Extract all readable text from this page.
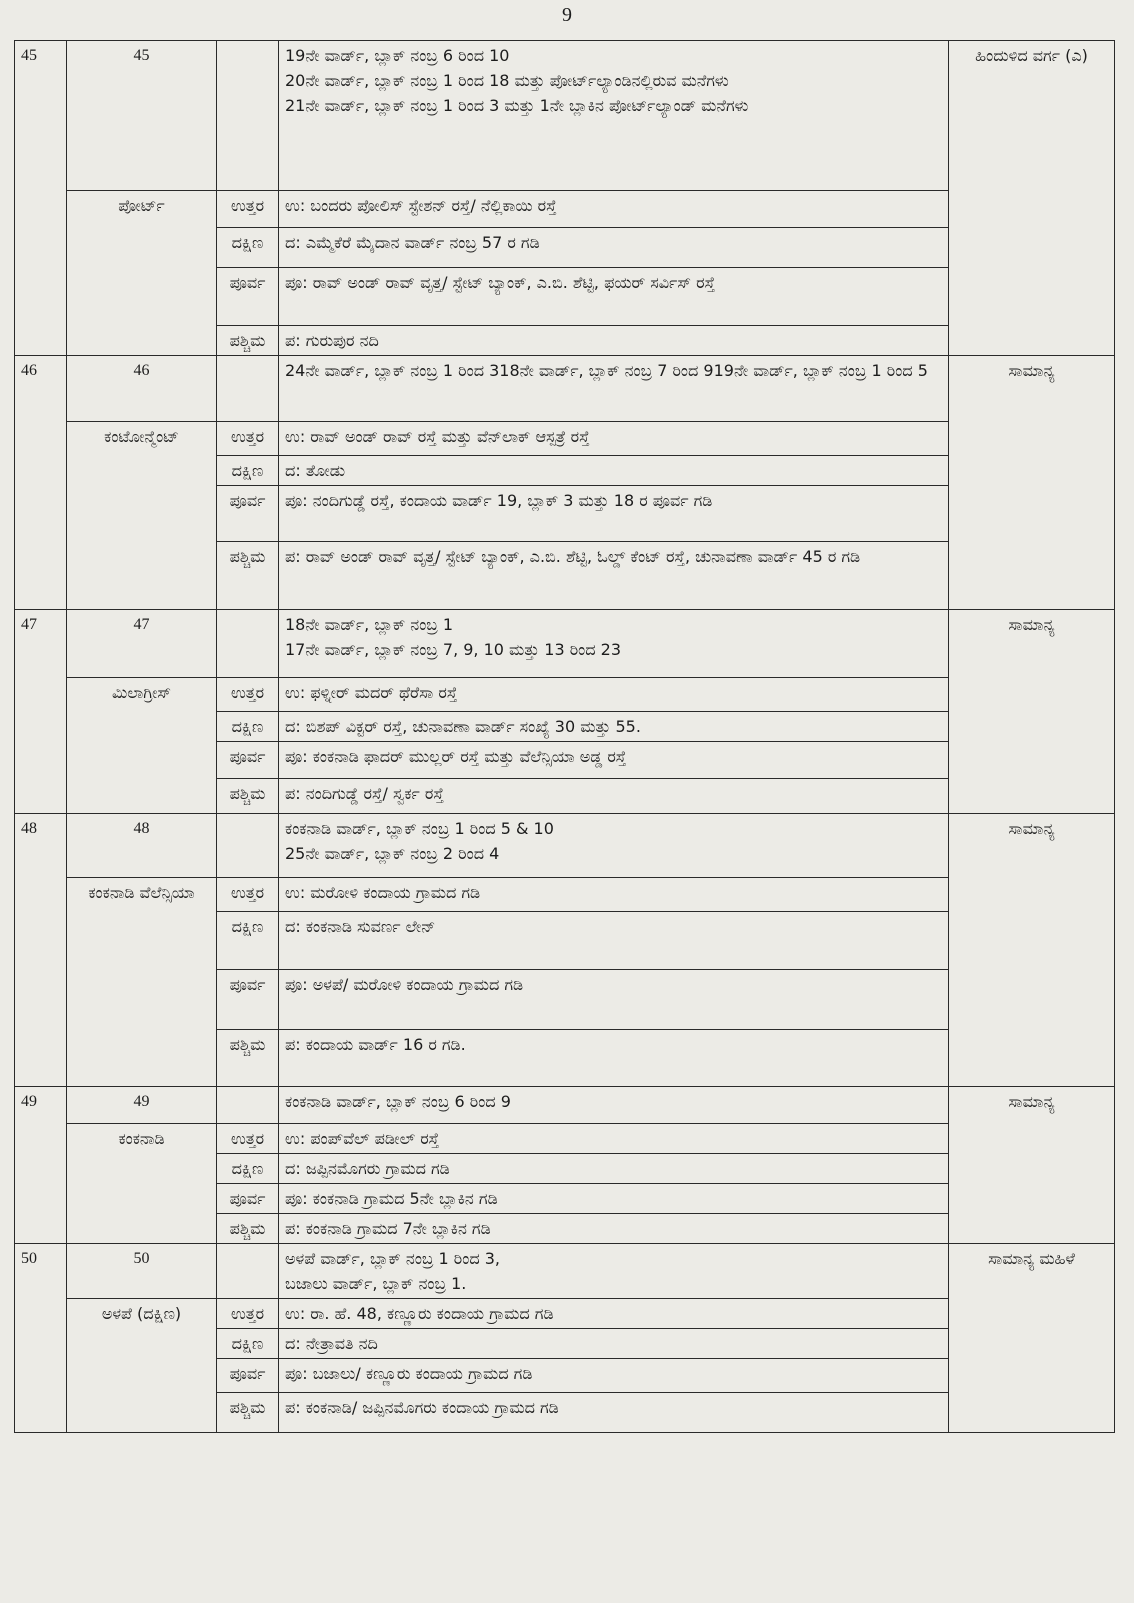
9
45	45		19ನೇ ವಾರ್ಡ್, ಬ್ಲಾಕ್ ನಂಬ್ರ 6 ರಿಂದ 10
20ನೇ ವಾರ್ಡ್, ಬ್ಲಾಕ್ ನಂಬ್ರ 1 ರಿಂದ 18 ಮತ್ತು ಪೋರ್ಟ್‌ಲ್ಯಾಂಡಿನಲ್ಲಿರುವ ಮನೆಗಳು
21ನೇ ವಾರ್ಡ್, ಬ್ಲಾಕ್ ನಂಬ್ರ 1 ರಿಂದ 3 ಮತ್ತು 1ನೇ ಬ್ಲಾಕಿನ ಪೋರ್ಟ್‌ಲ್ಯಾಂಡ್ ಮನೆಗಳು	ಹಿಂದುಳಿದ ವರ್ಗ (ಎ)
	ಪೋರ್ಟ್	ಉತ್ತರ	ಉ: ಬಂದರು ಪೋಲಿಸ್ ಸ್ಟೇಶನ್ ರಸ್ತೆ/ ನೆಲ್ಲಿಕಾಯಿ ರಸ್ತೆ	
		ದಕ್ಷಿಣ	ದ: ಎಮ್ಮೆಕೆರೆ ಮೈದಾನ ವಾರ್ಡ್ ನಂಬ್ರ 57 ರ ಗಡಿ	
		ಪೂರ್ವ	ಪೂ: ರಾವ್ ಅಂಡ್ ರಾವ್ ವೃತ್ತ/ ಸ್ಟೇಟ್ ಬ್ಯಾಂಕ್, ಎ.ಬಿ. ಶೆಟ್ಟಿ, ಫಯರ್ ಸರ್ವಿಸ್ ರಸ್ತೆ	
		ಪಶ್ಚಿಮ	ಪ: ಗುರುಪುರ ನದಿ	
46	46		24ನೇ ವಾರ್ಡ್, ಬ್ಲಾಕ್ ನಂಬ್ರ 1 ರಿಂದ 318ನೇ ವಾರ್ಡ್, ಬ್ಲಾಕ್ ನಂಬ್ರ 7 ರಿಂದ 919ನೇ ವಾರ್ಡ್, ಬ್ಲಾಕ್ ನಂಬ್ರ 1 ರಿಂದ 5	ಸಾಮಾನ್ಯ
	ಕಂಟೋನ್ಮೆಂಟ್	ಉತ್ತರ	ಉ: ರಾವ್ ಅಂಡ್ ರಾವ್ ರಸ್ತೆ ಮತ್ತು ವೆನ್‌ಲಾಕ್ ಆಸ್ಪತ್ರೆ ರಸ್ತೆ	
		ದಕ್ಷಿಣ	ದ: ತೋಡು	
		ಪೂರ್ವ	ಪೂ: ನಂದಿಗುಡ್ಡೆ ರಸ್ತೆ, ಕಂದಾಯ ವಾರ್ಡ್ 19, ಬ್ಲಾಕ್ 3 ಮತ್ತು 18 ರ ಪೂರ್ವ ಗಡಿ	
		ಪಶ್ಚಿಮ	ಪ: ರಾವ್ ಅಂಡ್ ರಾವ್ ವೃತ್ತ/ ಸ್ಟೇಟ್ ಬ್ಯಾಂಕ್, ಎ.ಬಿ. ಶೆಟ್ಟಿ, ಓಲ್ಡ್ ಕೆಂಟ್ ರಸ್ತೆ, ಚುನಾವಣಾ ವಾರ್ಡ್ 45 ರ ಗಡಿ	
47	47		18ನೇ ವಾರ್ಡ್, ಬ್ಲಾಕ್ ನಂಬ್ರ 1
17ನೇ ವಾರ್ಡ್, ಬ್ಲಾಕ್ ನಂಬ್ರ 7, 9, 10 ಮತ್ತು 13 ರಿಂದ 23	ಸಾಮಾನ್ಯ
	ಮಿಲಾಗ್ರೀಸ್	ಉತ್ತರ	ಉ: ಫಳ್ನೀರ್ ಮದರ್ ಥೆರೆಸಾ ರಸ್ತೆ	
		ದಕ್ಷಿಣ	ದ: ಬಿಶಪ್ ವಿಕ್ಟರ್ ರಸ್ತೆ, ಚುನಾವಣಾ ವಾರ್ಡ್ ಸಂಖ್ಯೆ 30 ಮತ್ತು 55.	
		ಪೂರ್ವ	ಪೂ: ಕಂಕನಾಡಿ ಫಾದರ್ ಮುಲ್ಲರ್ ರಸ್ತೆ ಮತ್ತು ವೆಲೆನ್ಸಿಯಾ ಅಡ್ಡ ರಸ್ತೆ	
		ಪಶ್ಚಿಮ	ಪ: ನಂದಿಗುಡ್ಡೆ ರಸ್ತೆ/ ಸ್ವರ್ಕ ರಸ್ತೆ	
48	48		ಕಂಕನಾಡಿ ವಾರ್ಡ್, ಬ್ಲಾಕ್ ನಂಬ್ರ 1 ರಿಂದ 5 & 10
25ನೇ ವಾರ್ಡ್, ಬ್ಲಾಕ್ ನಂಬ್ರ 2 ರಿಂದ 4	ಸಾಮಾನ್ಯ
	ಕಂಕನಾಡಿ ವೆಲೆನ್ಸಿಯಾ	ಉತ್ತರ	ಉ: ಮರೋಳಿ ಕಂದಾಯ ಗ್ರಾಮದ ಗಡಿ	
		ದಕ್ಷಿಣ	ದ: ಕಂಕನಾಡಿ ಸುವರ್ಣ ಲೇನ್	
		ಪೂರ್ವ	ಪೂ: ಅಳಪೆ/ ಮರೋಳಿ ಕಂದಾಯ ಗ್ರಾಮದ ಗಡಿ	
		ಪಶ್ಚಿಮ	ಪ: ಕಂದಾಯ ವಾರ್ಡ್ 16 ರ ಗಡಿ.	
49	49		ಕಂಕನಾಡಿ ವಾರ್ಡ್, ಬ್ಲಾಕ್ ನಂಬ್ರ 6 ರಿಂದ 9	ಸಾಮಾನ್ಯ
	ಕಂಕನಾಡಿ	ಉತ್ತರ	ಉ: ಪಂಪ್‌ವೆಲ್ ಪಡೀಲ್ ರಸ್ತೆ	
		ದಕ್ಷಿಣ	ದ: ಜಪ್ಪಿನಮೊಗರು ಗ್ರಾಮದ ಗಡಿ	
		ಪೂರ್ವ	ಪೂ: ಕಂಕನಾಡಿ ಗ್ರಾಮದ 5ನೇ ಬ್ಲಾಕಿನ ಗಡಿ	
		ಪಶ್ಚಿಮ	ಪ: ಕಂಕನಾಡಿ ಗ್ರಾಮದ 7ನೇ ಬ್ಲಾಕಿನ ಗಡಿ	
50	50		ಅಳಪೆ ವಾರ್ಡ್, ಬ್ಲಾಕ್ ನಂಬ್ರ 1 ರಿಂದ 3,
ಬಜಾಲು ವಾರ್ಡ್, ಬ್ಲಾಕ್ ನಂಬ್ರ 1.	ಸಾಮಾನ್ಯ ಮಹಿಳೆ
	ಅಳಪೆ (ದಕ್ಷಿಣ)	ಉತ್ತರ	ಉ: ರಾ. ಹೆ. 48, ಕಣ್ಣೂರು ಕಂದಾಯ ಗ್ರಾಮದ ಗಡಿ	
		ದಕ್ಷಿಣ	ದ: ನೇತ್ರಾವತಿ ನದಿ	
		ಪೂರ್ವ	ಪೂ: ಬಜಾಲು/ ಕಣ್ಣೂರು ಕಂದಾಯ ಗ್ರಾಮದ ಗಡಿ	
		ಪಶ್ಚಿಮ	ಪ: ಕಂಕನಾಡಿ/ ಜಪ್ಪಿನಮೊಗರು ಕಂದಾಯ ಗ್ರಾಮದ ಗಡಿ	
